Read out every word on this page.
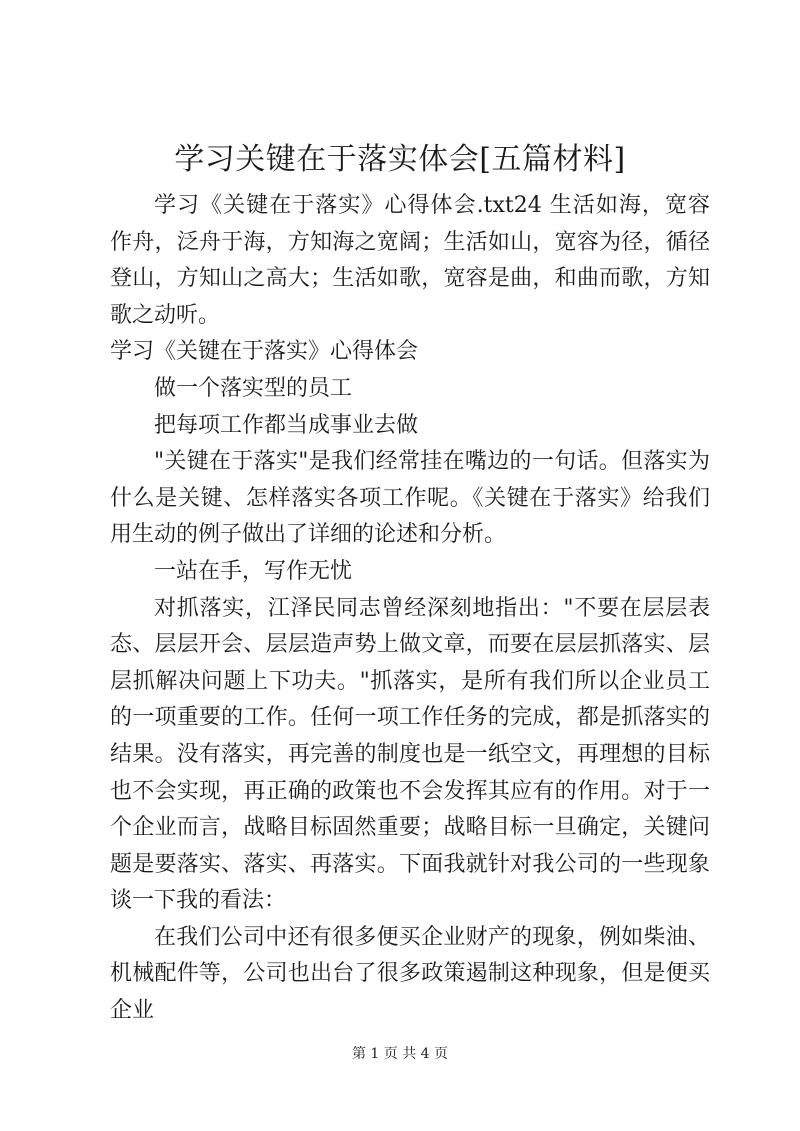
学习关键在于落实体会[五篇材料]

学习《关键在于落实》心得体会.txt24 生活如海，宽容作舟，泛舟于海，方知海之宽阔；生活如山，宽容为径，循径登山，方知山之高大；生活如歌，宽容是曲，和曲而歌，方知歌之动听。

学习《关键在于落实》心得体会

做一个落实型的员工

把每项工作都当成事业去做

"关键在于落实"是我们经常挂在嘴边的一句话。但落实为什么是关键、怎样落实各项工作呢。《关键在于落实》给我们用生动的例子做出了详细的论述和分析。

一站在手，写作无忧

对抓落实，江泽民同志曾经深刻地指出："不要在层层表态、层层开会、层层造声势上做文章，而要在层层抓落实、层层抓解决问题上下功夫。"抓落实，是所有我们所以企业员工的一项重要的工作。任何一项工作任务的完成，都是抓落实的结果。没有落实，再完善的制度也是一纸空文，再理想的目标也不会实现，再正确的政策也不会发挥其应有的作用。对于一个企业而言，战略目标固然重要；战略目标一旦确定，关键问题是要落实、落实、再落实。下面我就针对我公司的一些现象谈一下我的看法：

在我们公司中还有很多便买企业财产的现象，例如柴油、机械配件等，公司也出台了很多政策遏制这种现象，但是便买企业

第 1 页 共 4 页
